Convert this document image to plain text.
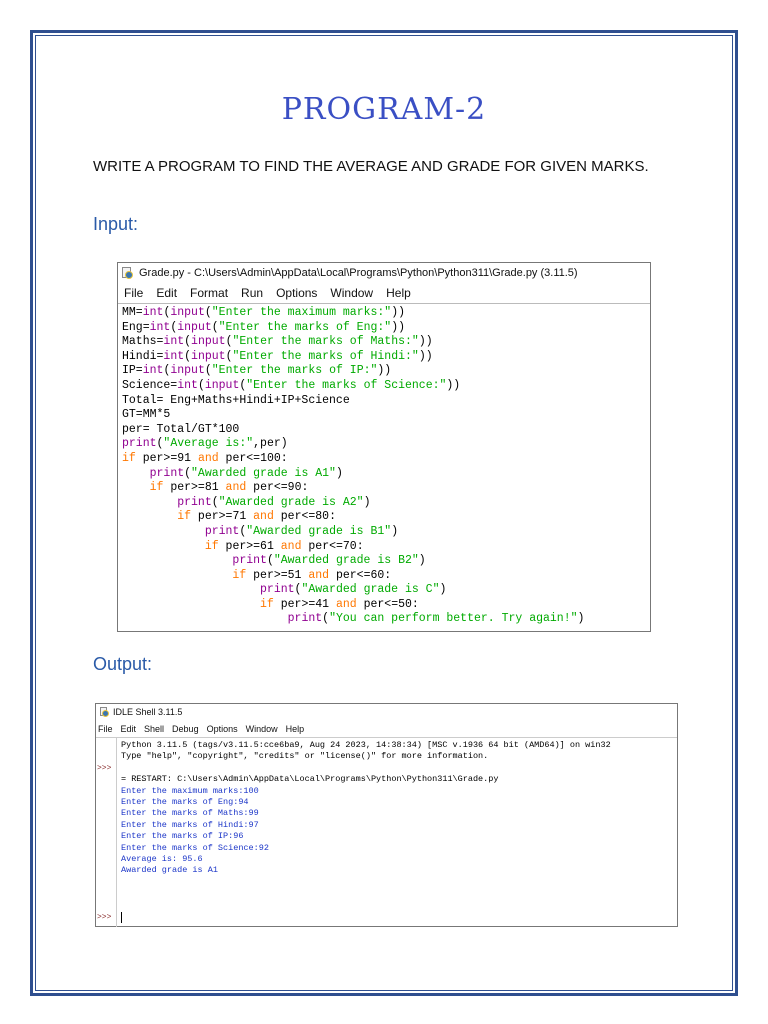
PROGRAM-2
WRITE A PROGRAM TO FIND THE AVERAGE AND GRADE FOR GIVEN MARKS.
Input:
Grade.py - C:\Users\Admin\AppData\Local\Programs\Python\Python311\Grade.py (3.11.5)
File Edit Format Run Options Window Help
MM=int(input("Enter the maximum marks:"))
Eng=int(input("Enter the marks of Eng:"))
Maths=int(input("Enter the marks of Maths:"))
Hindi=int(input("Enter the marks of Hindi:"))
IP=int(input("Enter the marks of IP:"))
Science=int(input("Enter the marks of Science:"))
Total= Eng+Maths+Hindi+IP+Science
GT=MM*5
per= Total/GT*100
print("Average is:",per)
if per>=91 and per<=100:
print("Awarded grade is A1")
if per>=81 and per<=90:
print("Awarded grade is A2")
if per>=71 and per<=80:
print("Awarded grade is B1")
if per>=61 and per<=70:
print("Awarded grade is B2")
if per>=51 and per<=60:
print("Awarded grade is C")
if per>=41 and per<=50:
print("You can perform better. Try again!")
Output:
IDLE Shell 3.11.5
File Edit Shell Debug Options Window Help
>>>
>>>
Python 3.11.5 (tags/v3.11.5:cce6ba9, Aug 24 2023, 14:38:34) [MSC v.1936 64 bit (AMD64)] on win32
Type "help", "copyright", "credits" or "license()" for more information.
= RESTART: C:\Users\Admin\AppData\Local\Programs\Python\Python311\Grade.py
Enter the maximum marks:100
Enter the marks of Eng:94
Enter the marks of Maths:99
Enter the marks of Hindi:97
Enter the marks of IP:96
Enter the marks of Science:92
Average is: 95.6
Awarded grade is A1
